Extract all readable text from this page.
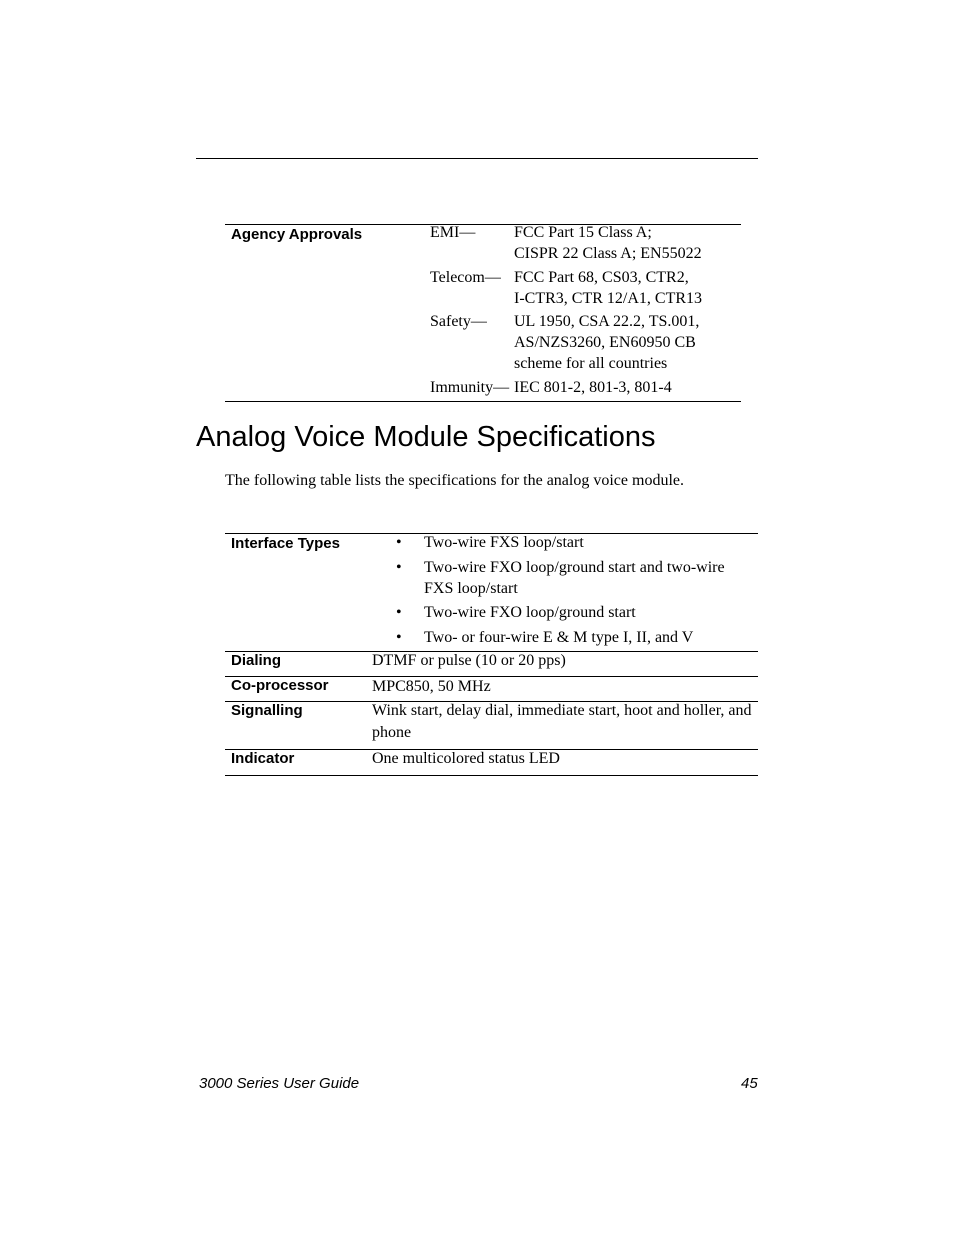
Agency Approvals	EMI— FCC Part 15 Class A;
CISPR 22 Class A; EN55022
Telecom— FCC Part 68, CS03, CTR2,
I-CTR3, CTR 12/A1, CTR13
Safety— UL 1950, CSA 22.2, TS.001,
AS/NZS3260, EN60950 CB
scheme for all countries
Immunity— IEC 801-2, 801-3, 801-4
Analog Voice Module Specifications

The following table lists the specifications for the analog voice module.

Interface Types	• Two-wire FXS loop/start
• Two-wire FXO loop/ground start and two-wire FXS loop/start
• Two-wire FXO loop/ground start
• Two- or four-wire E & M type I, II, and V
Dialing	DTMF or pulse (10 or 20 pps)
Co-processor	MPC850, 50 MHz
Signalling	Wink start, delay dial, immediate start, hoot and holler, and phone
Indicator	One multicolored status LED
3000 Series User Guide	45
